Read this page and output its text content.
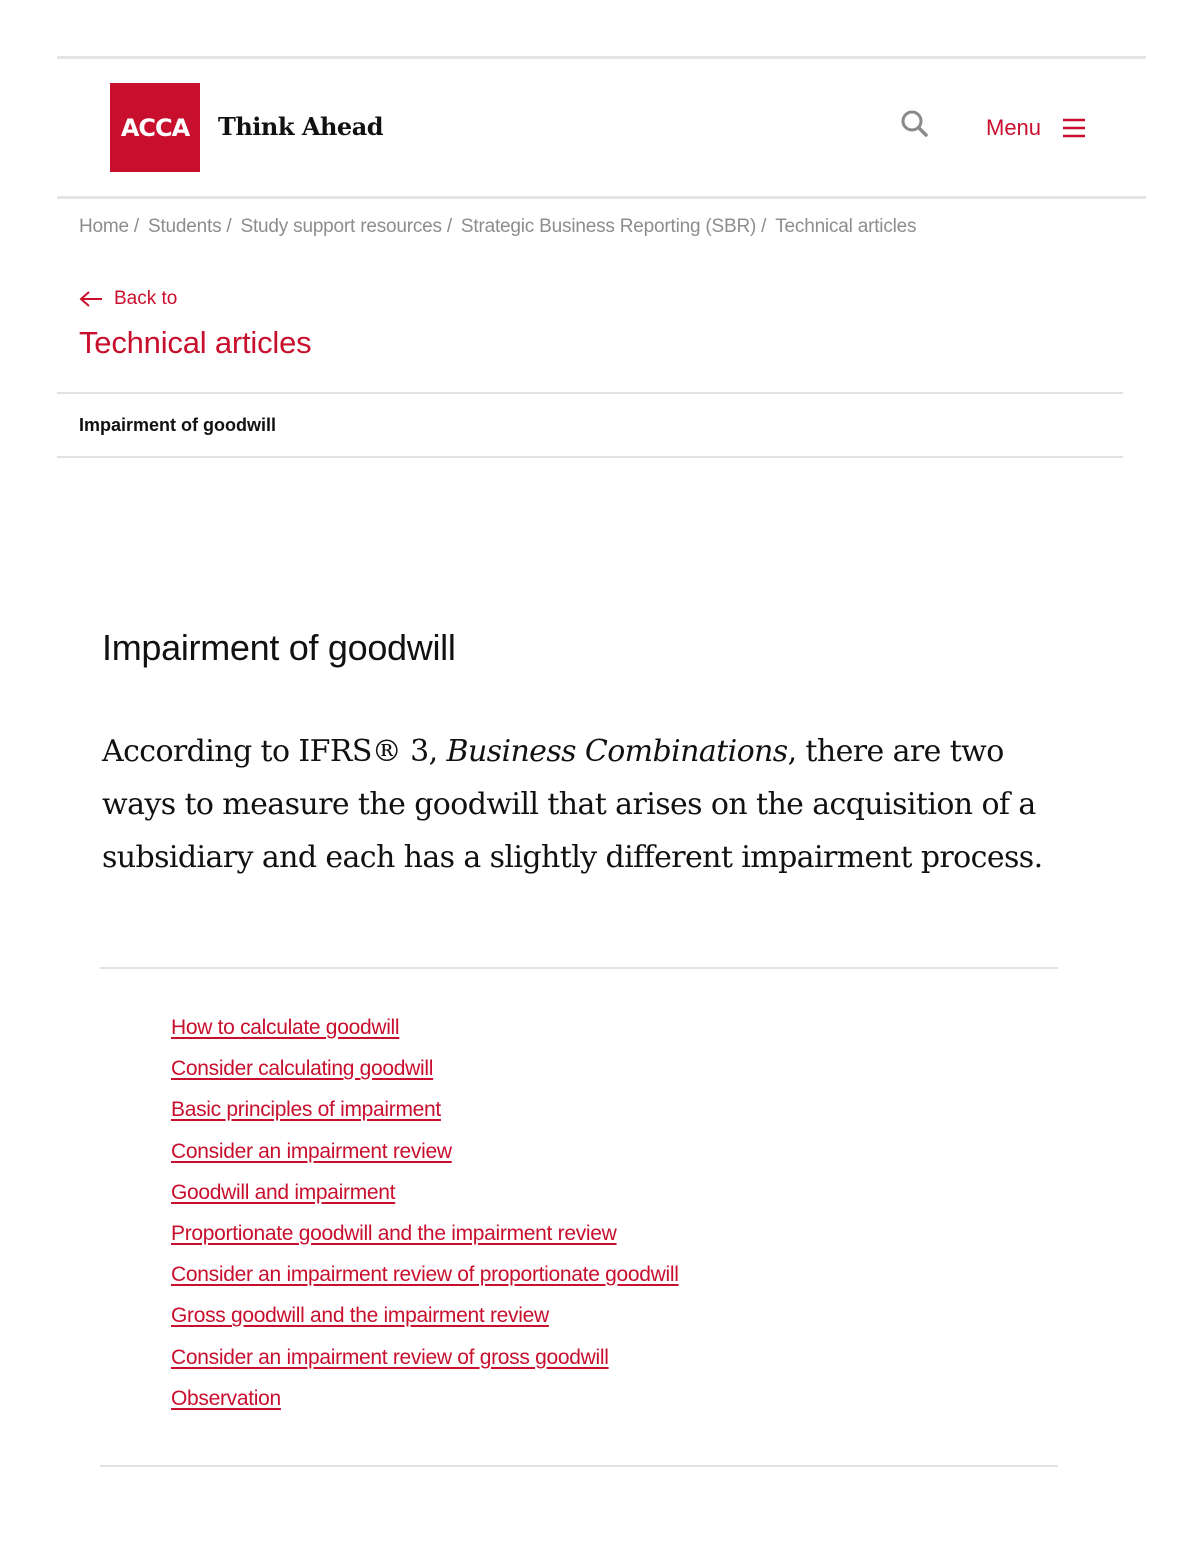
ACCA Think Ahead	Menu
Home / Students / Study support resources / Strategic Business Reporting (SBR) / Technical articles
Back to
Technical articles
Impairment of goodwill
Impairment of goodwill

According to IFRS® 3, Business Combinations, there are two ways to measure the goodwill that arises on the acquisition of a subsidiary and each has a slightly different impairment process.

How to calculate goodwill
Consider calculating goodwill
Basic principles of impairment
Consider an impairment review
Goodwill and impairment
Proportionate goodwill and the impairment review
Consider an impairment review of proportionate goodwill
Gross goodwill and the impairment review
Consider an impairment review of gross goodwill
Observation
